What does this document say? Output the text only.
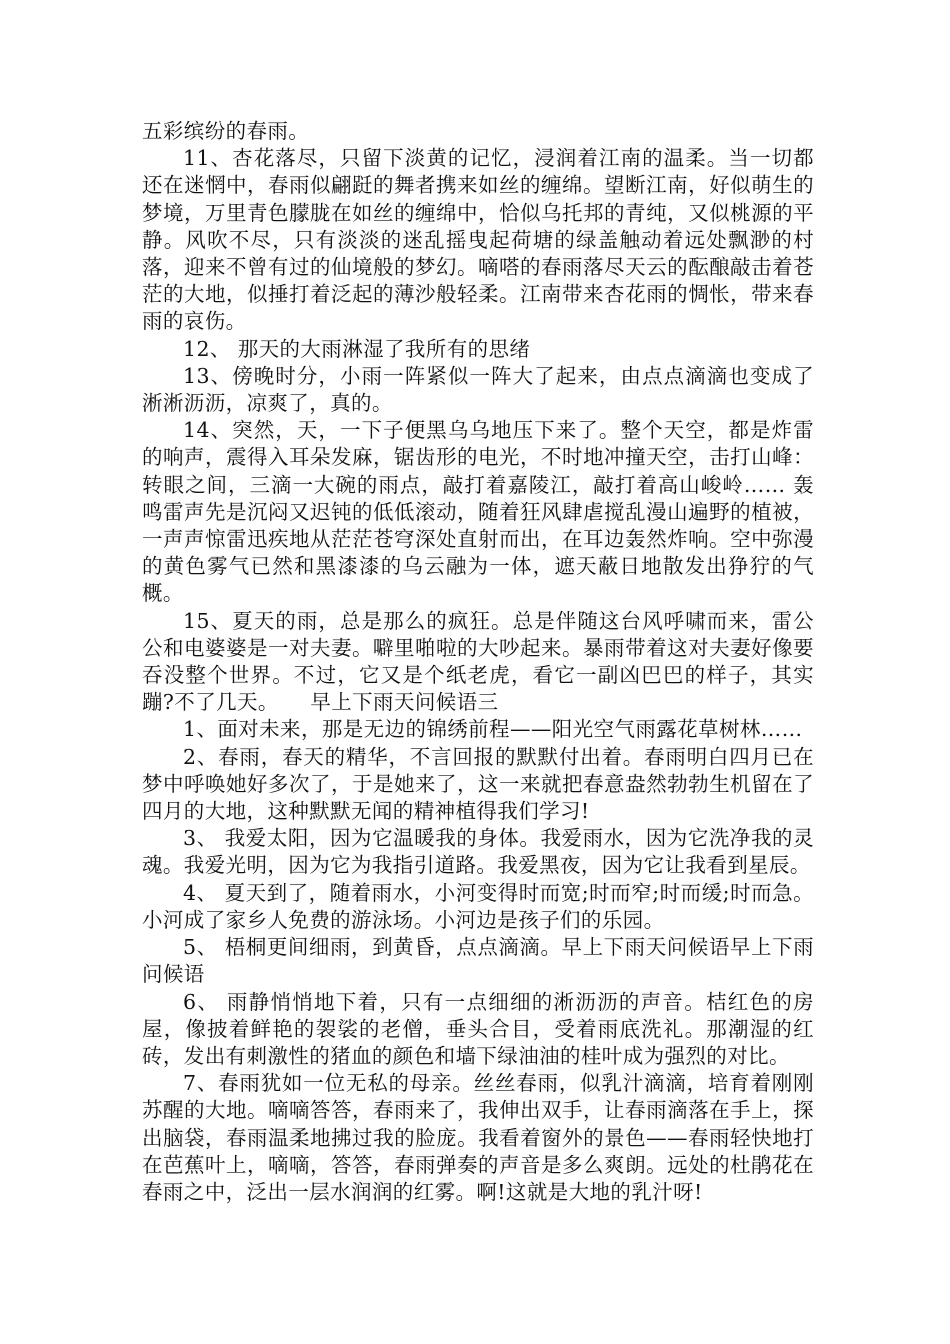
五彩缤纷的春雨。

11、杏花落尽，只留下淡黄的记忆，浸润着江南的温柔。当一切都还在迷惘中，春雨似翩跹的舞者携来如丝的缠绵。望断江南，好似萌生的梦境，万里青色朦胧在如丝的缠绵中，恰似乌托邦的青纯，又似桃源的平静。风吹不尽，只有淡淡的迷乱摇曳起荷塘的绿盖触动着远处飘渺的村落，迎来不曾有过的仙境般的梦幻。嘀嗒的春雨落尽天云的酝酿敲击着苍茫的大地，似捶打着泛起的薄沙般轻柔。江南带来杏花雨的惆怅，带来春雨的哀伤。

12、 那天的大雨淋湿了我所有的思绪

13、傍晚时分，小雨一阵紧似一阵大了起来，由点点滴滴也变成了淅淅沥沥，凉爽了，真的。

14、突然，天，一下子便黑乌乌地压下来了。整个天空，都是炸雷的响声，震得入耳朵发麻，锯齿形的电光，不时地冲撞天空，击打山峰：转眼之间，三滴一大碗的雨点，敲打着嘉陵江，敲打着高山峻岭…… 轰鸣雷声先是沉闷又迟钝的低低滚动，随着狂风肆虐搅乱漫山遍野的植被，一声声惊雷迅疾地从茫茫苍穹深处直射而出，在耳边轰然炸响。空中弥漫的黄色雾气已然和黑漆漆的乌云融为一体，遮天蔽日地散发出狰狞的气概。

15、夏天的雨，总是那么的疯狂。总是伴随这台风呼啸而来，雷公公和电婆婆是一对夫妻。噼里啪啦的大吵起来。暴雨带着这对夫妻好像要吞没整个世界。不过，它又是个纸老虎，看它一副凶巴巴的样子，其实蹦?不了几天。　　早上下雨天问候语三

1、面对未来，那是无边的锦绣前程——阳光空气雨露花草树林……

2、春雨，春天的精华，不言回报的默默付出着。春雨明白四月已在梦中呼唤她好多次了，于是她来了，这一来就把春意盎然勃勃生机留在了四月的大地，这种默默无闻的精神植得我们学习!

3、 我爱太阳，因为它温暖我的身体。我爱雨水，因为它洗净我的灵魂。我爱光明，因为它为我指引道路。我爱黑夜，因为它让我看到星辰。

4、 夏天到了，随着雨水，小河变得时而宽;时而窄;时而缓;时而急。小河成了家乡人免费的游泳场。小河边是孩子们的乐园。

5、 梧桐更间细雨，到黄昏，点点滴滴。早上下雨天问候语早上下雨问候语

6、 雨静悄悄地下着，只有一点细细的淅沥沥的声音。桔红色的房屋，像披着鲜艳的袈裟的老僧，垂头合目，受着雨底洗礼。那潮湿的红砖，发出有刺激性的猪血的颜色和墙下绿油油的桂叶成为强烈的对比。

7、春雨犹如一位无私的母亲。丝丝春雨，似乳汁滴滴，培育着刚刚苏醒的大地。嘀嘀答答，春雨来了，我伸出双手，让春雨滴落在手上，探出脑袋，春雨温柔地拂过我的脸庞。我看着窗外的景色——春雨轻快地打在芭蕉叶上，嘀嘀，答答，春雨弹奏的声音是多么爽朗。远处的杜鹃花在春雨之中，泛出一层水润润的红雾。啊!这就是大地的乳汁呀!
